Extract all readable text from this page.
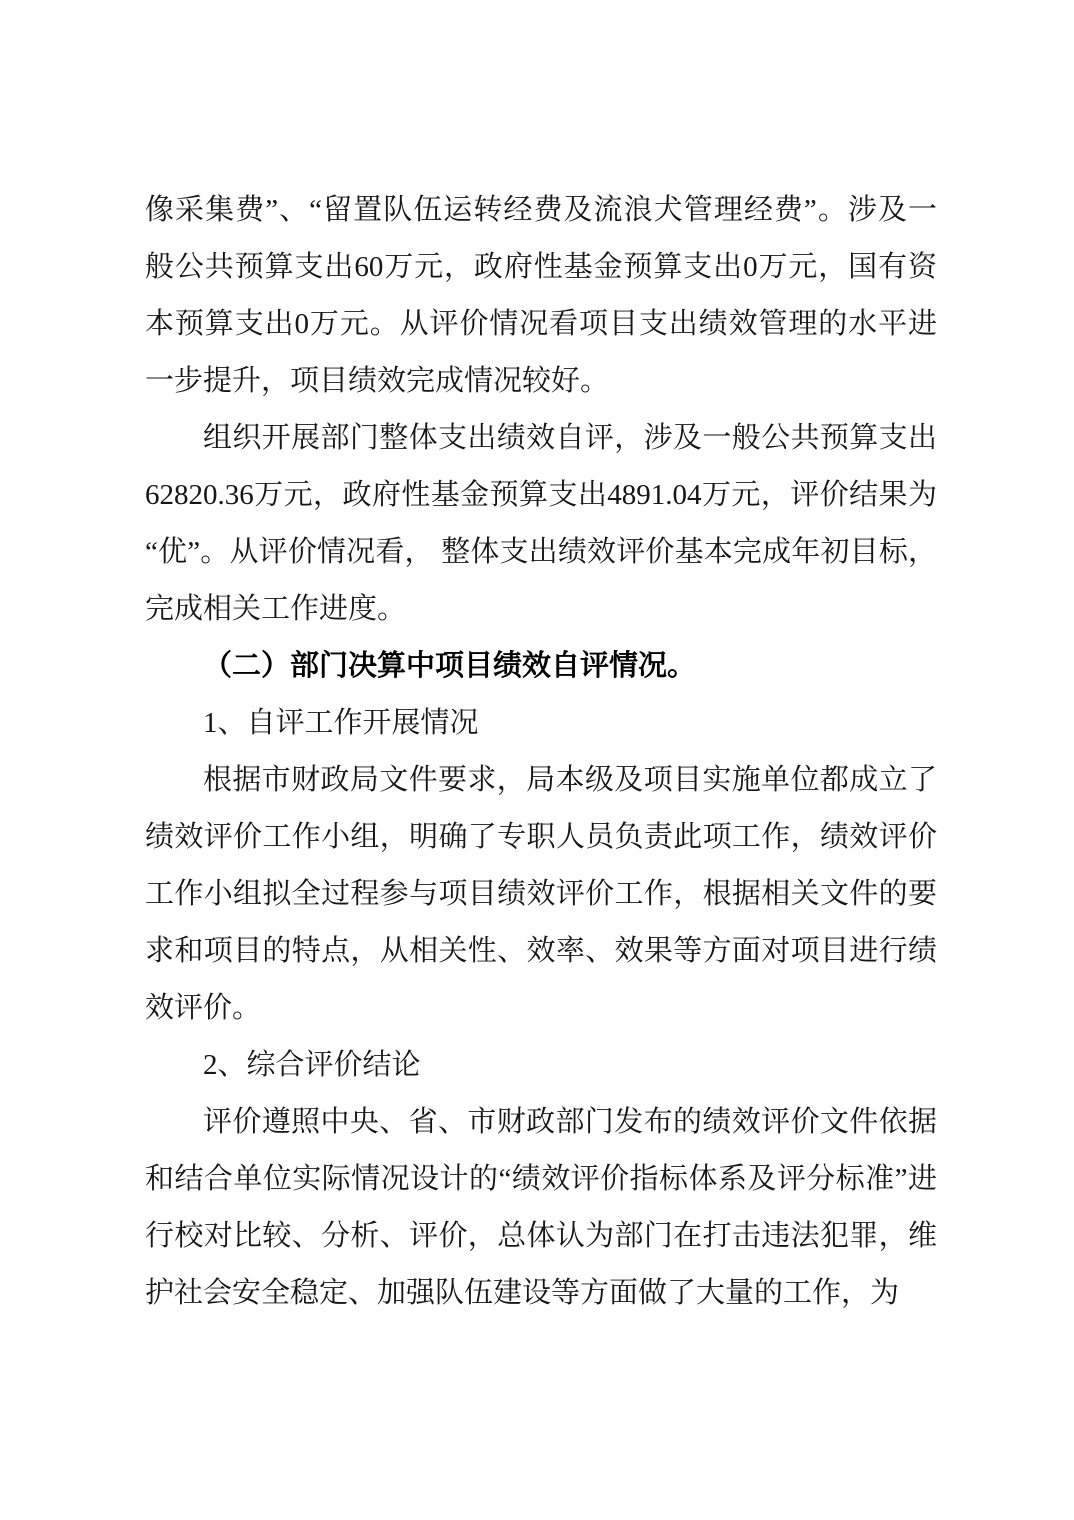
像采集费”、“留置队伍运转经费及流浪犬管理经费”。涉及一般公共预算支出60万元，政府性基金预算支出0万元，国有资本预算支出0万元。从评价情况看项目支出绩效管理的水平进一步提升，项目绩效完成情况较好。

组织开展部门整体支出绩效自评，涉及一般公共预算支出62820.36万元，政府性基金预算支出4891.04万元，评价结果为“优”。从评价情况看， 整体支出绩效评价基本完成年初目标，完成相关工作进度。

（二）部门决算中项目绩效自评情况。

1、自评工作开展情况

根据市财政局文件要求，局本级及项目实施单位都成立了绩效评价工作小组，明确了专职人员负责此项工作，绩效评价工作小组拟全过程参与项目绩效评价工作，根据相关文件的要求和项目的特点，从相关性、效率、效果等方面对项目进行绩效评价。

2、综合评价结论

评价遵照中央、省、市财政部门发布的绩效评价文件依据和结合单位实际情况设计的“绩效评价指标体系及评分标准”进行校对比较、分析、评价，总体认为部门在打击违法犯罪，维护社会安全稳定、加强队伍建设等方面做了大量的工作，为
